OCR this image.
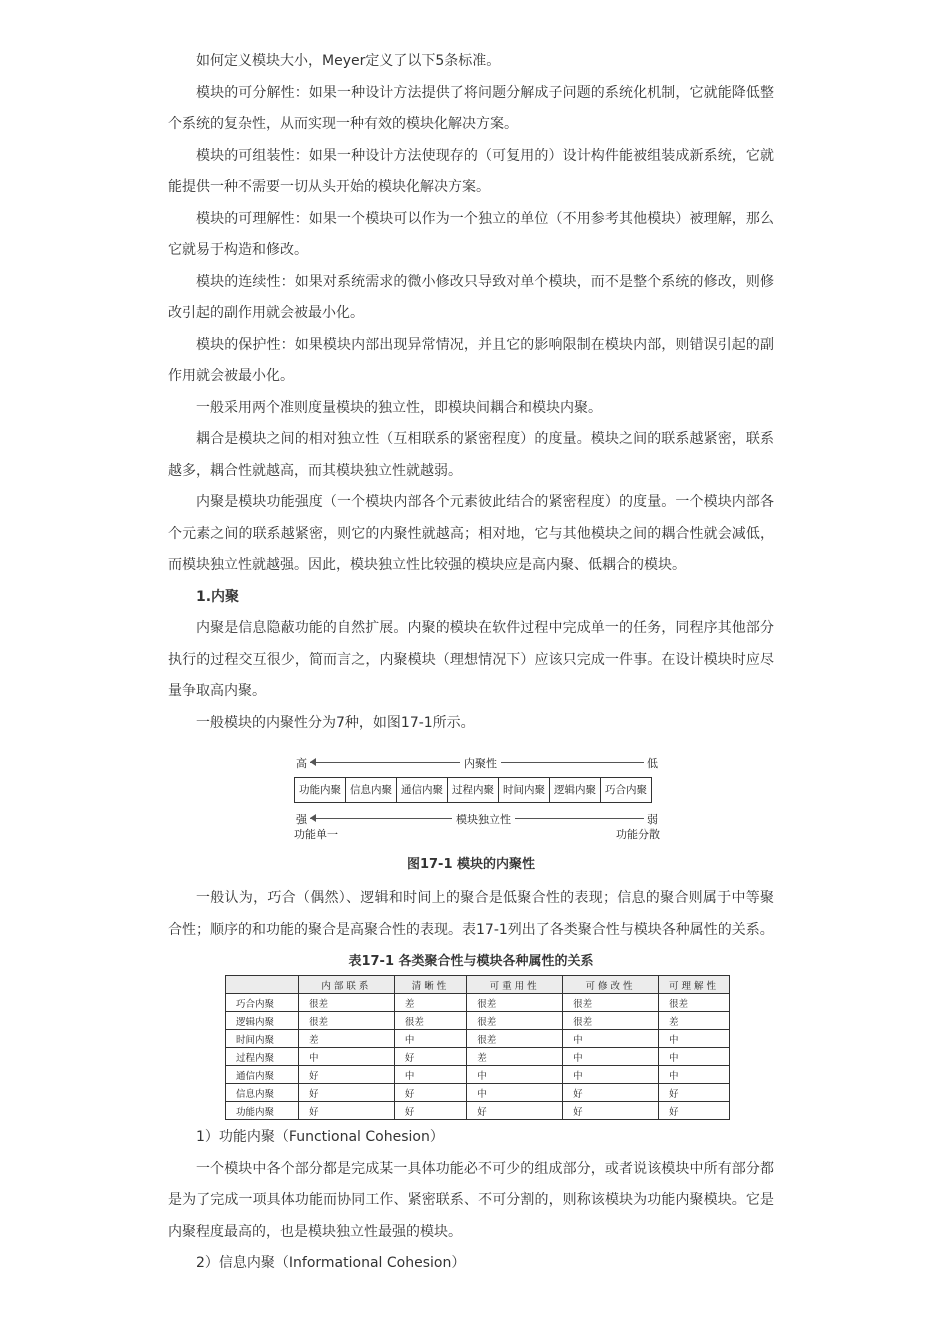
如何定义模块大小，Meyer定义了以下5条标准。

模块的可分解性：如果一种设计方法提供了将问题分解成子问题的系统化机制，它就能降低整个系统的复杂性，从而实现一种有效的模块化解决方案。

模块的可组装性：如果一种设计方法使现存的（可复用的）设计构件能被组装成新系统，它就能提供一种不需要一切从头开始的模块化解决方案。

模块的可理解性：如果一个模块可以作为一个独立的单位（不用参考其他模块）被理解，那么它就易于构造和修改。

模块的连续性：如果对系统需求的微小修改只导致对单个模块，而不是整个系统的修改，则修改引起的副作用就会被最小化。

模块的保护性：如果模块内部出现异常情况，并且它的影响限制在模块内部，则错误引起的副作用就会被最小化。

一般采用两个准则度量模块的独立性，即模块间耦合和模块内聚。

耦合是模块之间的相对独立性（互相联系的紧密程度）的度量。模块之间的联系越紧密，联系越多，耦合性就越高，而其模块独立性就越弱。

内聚是模块功能强度（一个模块内部各个元素彼此结合的紧密程度）的度量。一个模块内部各个元素之间的联系越紧密，则它的内聚性就越高；相对地，它与其他模块之间的耦合性就会减低，而模块独立性就越强。因此，模块独立性比较强的模块应是高内聚、低耦合的模块。

1.内聚

内聚是信息隐蔽功能的自然扩展。内聚的模块在软件过程中完成单一的任务，同程序其他部分执行的过程交互很少，简而言之，内聚模块（理想情况下）应该只完成一件事。在设计模块时应尽量争取高内聚。

一般模块的内聚性分为7种，如图17-1所示。

高	内聚性	低
功能内聚 信息内聚 通信内聚 过程内聚 时间内聚 逻辑内聚 巧合内聚
强
功能单一
模块独立性	弱
功能分散
图17-1 模块的内聚性

一般认为，巧合（偶然）、逻辑和时间上的聚合是低聚合性的表现；信息的聚合则属于中等聚合性；顺序的和功能的聚合是高聚合性的表现。表17-1列出了各类聚合性与模块各种属性的关系。

表17-1 各类聚合性与模块各种属性的关系
	内部联系	清晰性	可重用性	可修改性	可理解性
巧合内聚	很差	差	很差	很差	很差
逻辑内聚	很差	很差	很差	很差	差
时间内聚	差	中	很差	中	中
过程内聚	中	好	差	中	中
通信内聚	好	中	中	中	中
信息内聚	好	好	中	好	好
功能内聚	好	好	好	好	好

1）功能内聚（Functional Cohesion）

一个模块中各个部分都是完成某一具体功能必不可少的组成部分，或者说该模块中所有部分都是为了完成一项具体功能而协同工作、紧密联系、不可分割的，则称该模块为功能内聚模块。它是内聚程度最高的，也是模块独立性最强的模块。

2）信息内聚（Informational Cohesion）
